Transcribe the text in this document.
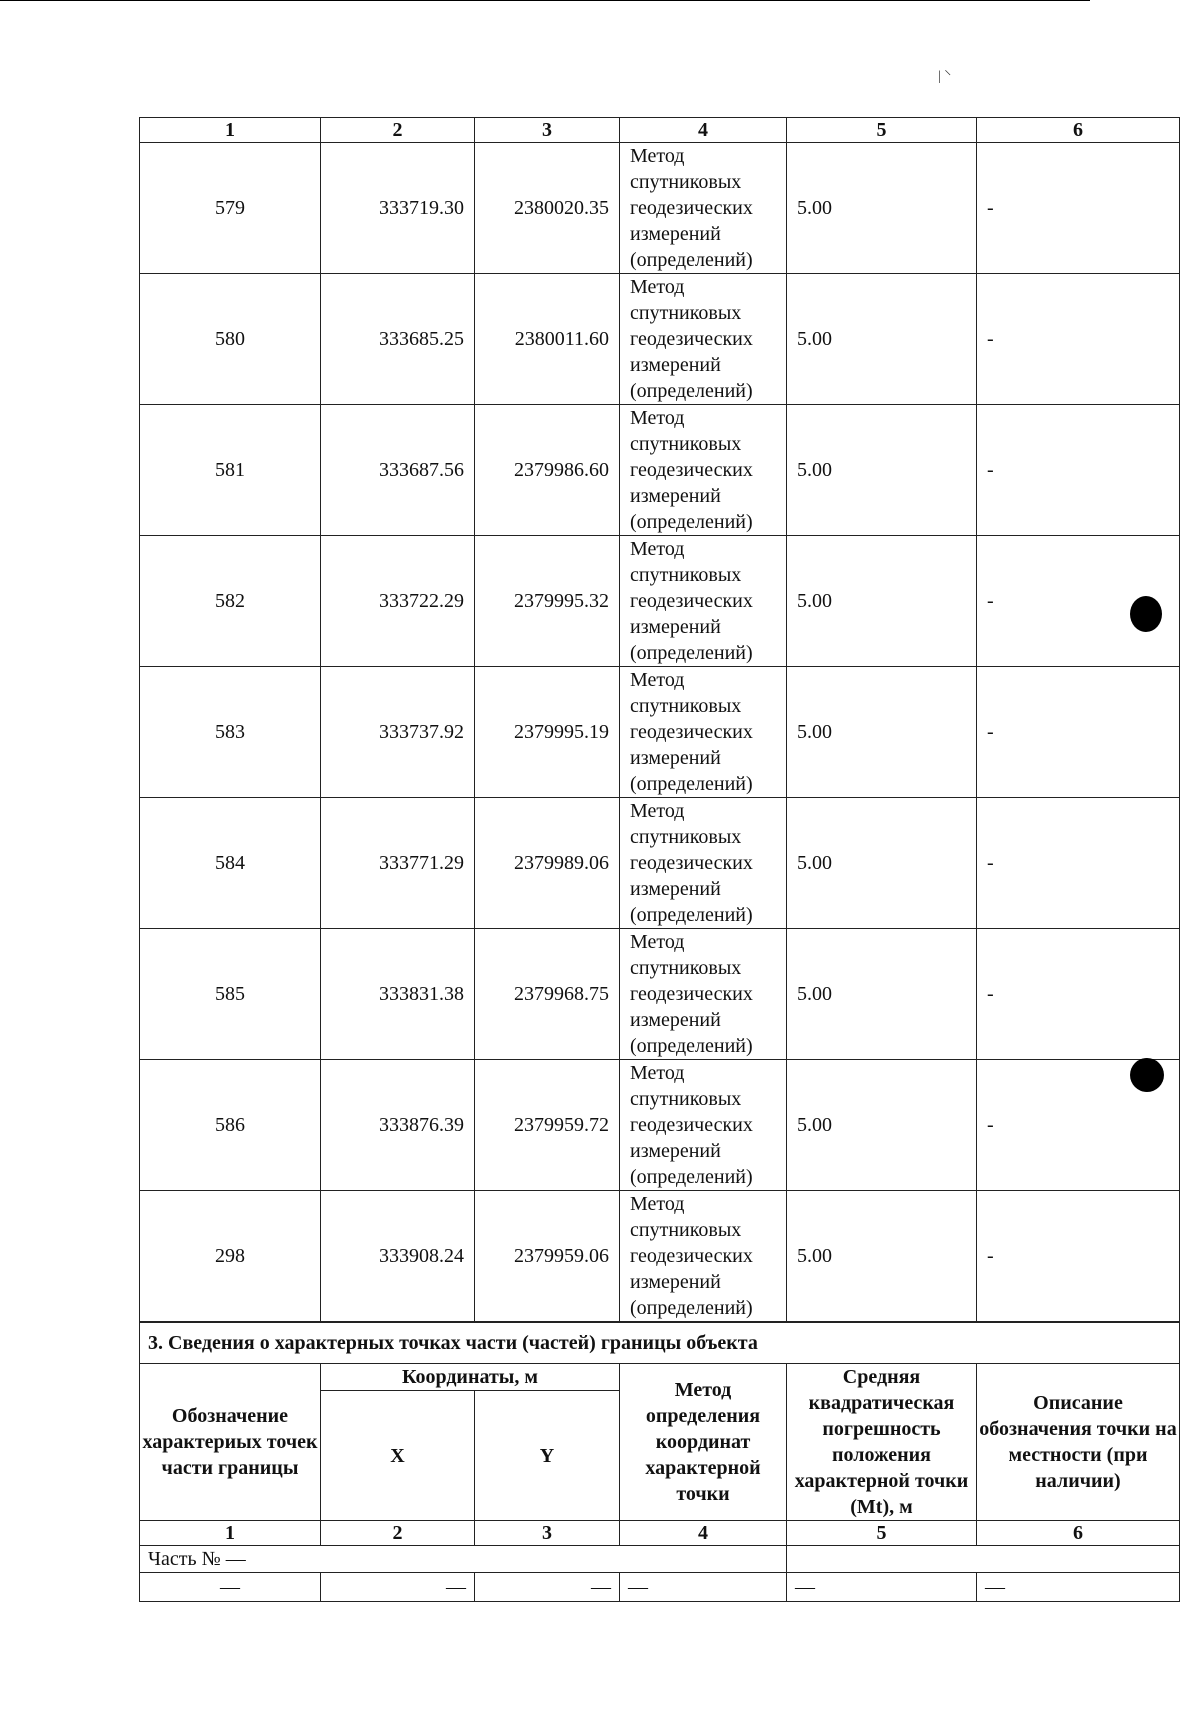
| ⸌
1	2	3	4	5	6
579	333719.30	2380020.35	Метод
спутниковых
геодезических
измерений
(определений)	5.00	-
580	333685.25	2380011.60	Метод
спутниковых
геодезических
измерений
(определений)	5.00	-
581	333687.56	2379986.60	Метод
спутниковых
геодезических
измерений
(определений)	5.00	-
582	333722.29	2379995.32	Метод
спутниковых
геодезических
измерений
(определений)	5.00	-
583	333737.92	2379995.19	Метод
спутниковых
геодезических
измерений
(определений)	5.00	-
584	333771.29	2379989.06	Метод
спутниковых
геодезических
измерений
(определений)	5.00	-
585	333831.38	2379968.75	Метод
спутниковых
геодезических
измерений
(определений)	5.00	-
586	333876.39	2379959.72	Метод
спутниковых
геодезических
измерений
(определений)	5.00	-
298	333908.24	2379959.06	Метод
спутниковых
геодезических
измерений
(определений)	5.00	-
3. Сведения о характерных точках части (частей) границы объекта					
Обозначение характериых точек части границы	Координаты, м		Метод определения координат характерной точки	Средняя квадратическая погрешность положения характерной точки (Mt), м	Описание обозначения точки на местности (при наличии)
	X	Y			
1	2	3	4	5	6
Часть № —					
—	—	—	—	—	—
